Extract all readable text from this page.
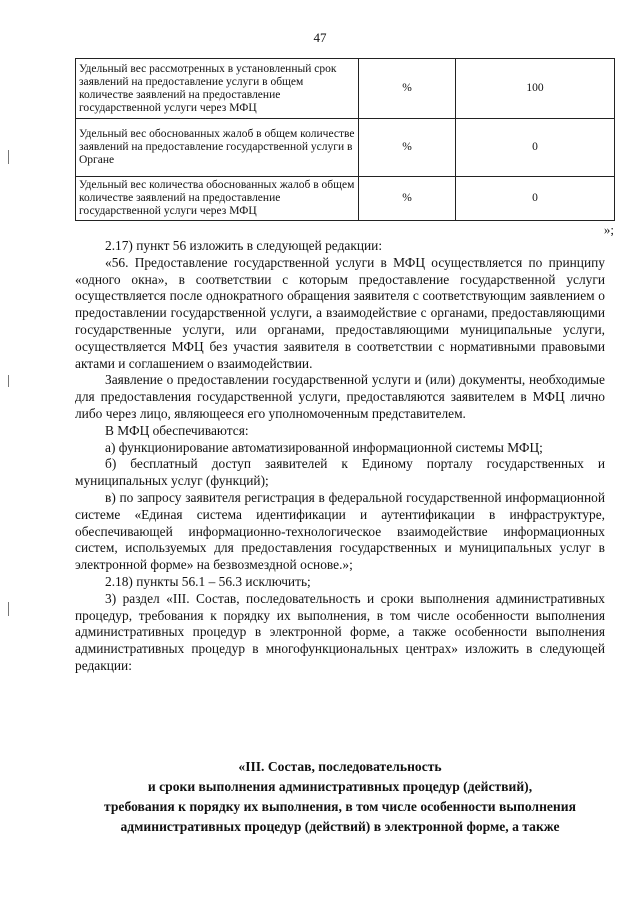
47
Удельный вес рассмотренных в установленный срок заявлений на предоставление услуги в общем количестве заявлений на предоставление государственной услуги через МФЦ	%	100
Удельный вес обоснованных жалоб в общем количестве заявлений на предоставление государственной услуги в Органе	%	0
Удельный вес количества обоснованных жалоб в общем количестве заявлений на предоставление государственной услуги через МФЦ	%	0
»;

2.17) пункт 56 изложить в следующей редакции:

«56. Предоставление государственной услуги в МФЦ осуществляется по принципу «одного окна», в соответствии с которым предоставление государственной услуги осуществляется после однократного обращения заявителя с соответствующим заявлением о предоставлении государственной услуги, а взаимодействие с органами, предоставляющими государственные услуги, или органами, предоставляющими муниципальные услуги, осуществляется МФЦ без участия заявителя в соответствии с нормативными правовыми актами и соглашением о взаимодействии.

Заявление о предоставлении государственной услуги и (или) документы, необходимые для предоставления государственной услуги, предоставляются заявителем в МФЦ лично либо через лицо, являющееся его уполномоченным представителем.

В МФЦ обеспечиваются:

а) функционирование автоматизированной информационной системы МФЦ;

б) бесплатный доступ заявителей к Единому порталу государственных и муниципальных услуг (функций);

в) по запросу заявителя регистрация в федеральной государственной информационной системе «Единая система идентификации и аутентификации в инфраструктуре, обеспечивающей информационно-технологическое взаимодействие информационных систем, используемых для предоставления государственных и муниципальных услуг в электронной форме» на безвозмездной основе.»;

2.18) пункты 56.1 – 56.3 исключить;

3) раздел «III. Состав, последовательность и сроки выполнения административных процедур, требования к порядку их выполнения, в том числе особенности выполнения административных процедур в электронной форме, а также особенности выполнения административных процедур в многофункциональных центрах» изложить в следующей редакции:

«III. Состав, последовательность
и сроки выполнения административных процедур (действий),
требования к порядку их выполнения, в том числе особенности выполнения
административных процедур (действий) в электронной форме, а также
